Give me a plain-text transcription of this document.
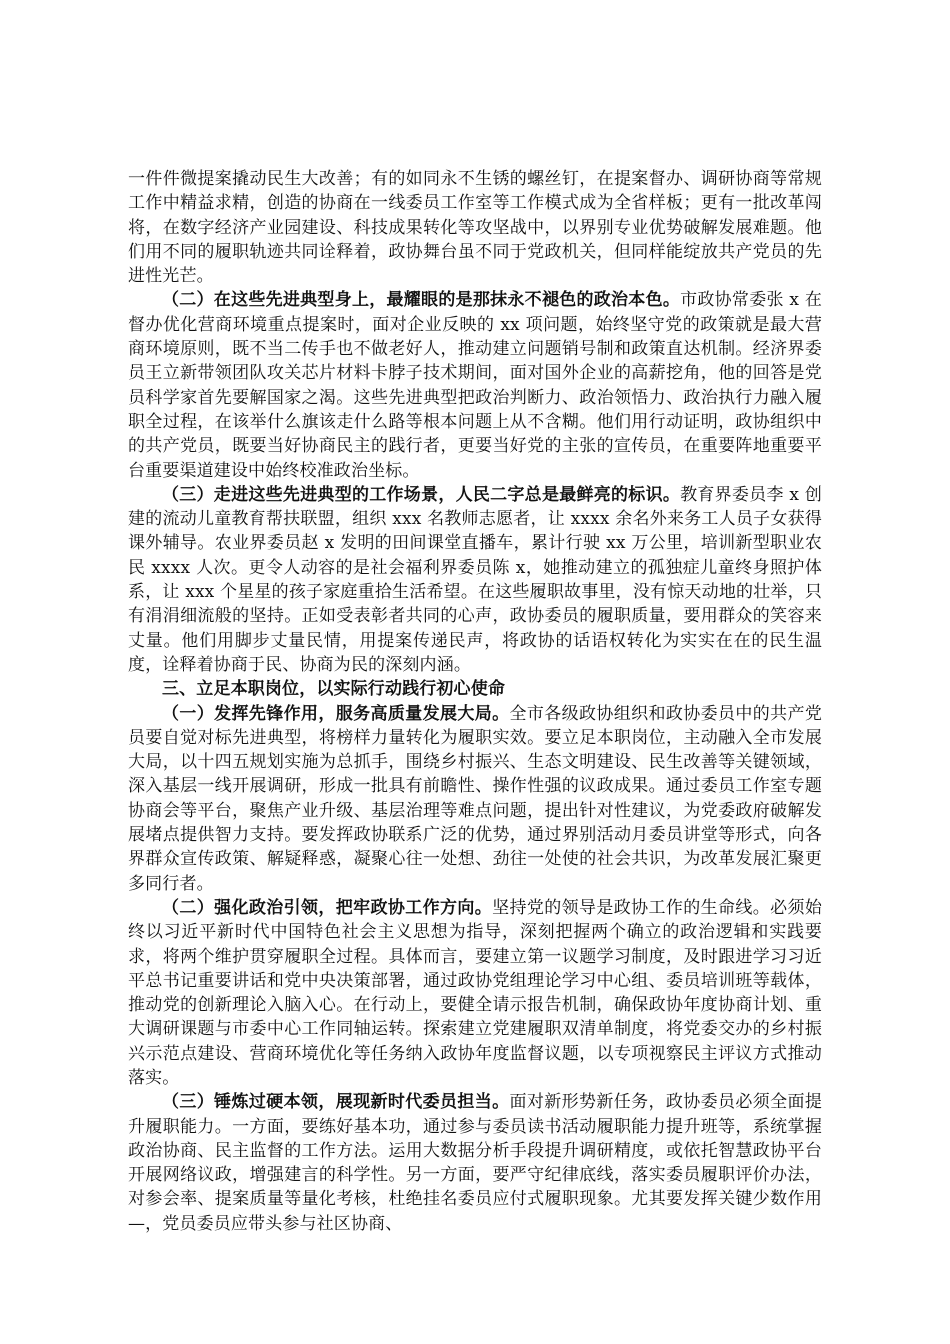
一件件微提案撬动民生大改善；有的如同永不生锈的螺丝钉，在提案督办、调研协商等常规工作中精益求精，创造的协商在一线委员工作室等工作模式成为全省样板；更有一批改革闯将，在数字经济产业园建设、科技成果转化等攻坚战中，以界别专业优势破解发展难题。他们用不同的履职轨迹共同诠释着，政协舞台虽不同于党政机关，但同样能绽放共产党员的先进性光芒。

（二）在这些先进典型身上，最耀眼的是那抹永不褪色的政治本色。市政协常委张 x 在督办优化营商环境重点提案时，面对企业反映的 xx 项问题，始终坚守党的政策就是最大营商环境原则，既不当二传手也不做老好人，推动建立问题销号制和政策直达机制。经济界委员王立新带领团队攻关芯片材料卡脖子技术期间，面对国外企业的高薪挖角，他的回答是党员科学家首先要解国家之渴。这些先进典型把政治判断力、政治领悟力、政治执行力融入履职全过程，在该举什么旗该走什么路等根本问题上从不含糊。他们用行动证明，政协组织中的共产党员，既要当好协商民主的践行者，更要当好党的主张的宣传员，在重要阵地重要平台重要渠道建设中始终校准政治坐标。

（三）走进这些先进典型的工作场景，人民二字总是最鲜亮的标识。教育界委员李 x 创建的流动儿童教育帮扶联盟，组织 xxx 名教师志愿者，让 xxxx 余名外来务工人员子女获得课外辅导。农业界委员赵 x 发明的田间课堂直播车，累计行驶 xx 万公里，培训新型职业农民 xxxx 人次。更令人动容的是社会福利界委员陈 x，她推动建立的孤独症儿童终身照护体系，让 xxx 个星星的孩子家庭重拾生活希望。在这些履职故事里，没有惊天动地的壮举，只有涓涓细流般的坚持。正如受表彰者共同的心声，政协委员的履职质量，要用群众的笑容来丈量。他们用脚步丈量民情，用提案传递民声，将政协的话语权转化为实实在在的民生温度，诠释着协商于民、协商为民的深刻内涵。

三、立足本职岗位，以实际行动践行初心使命

（一）发挥先锋作用，服务高质量发展大局。全市各级政协组织和政协委员中的共产党员要自觉对标先进典型，将榜样力量转化为履职实效。要立足本职岗位，主动融入全市发展大局，以十四五规划实施为总抓手，围绕乡村振兴、生态文明建设、民生改善等关键领域，深入基层一线开展调研，形成一批具有前瞻性、操作性强的议政成果。通过委员工作室专题协商会等平台，聚焦产业升级、基层治理等难点问题，提出针对性建议，为党委政府破解发展堵点提供智力支持。要发挥政协联系广泛的优势，通过界别活动月委员讲堂等形式，向各界群众宣传政策、解疑释惑，凝聚心往一处想、劲往一处使的社会共识，为改革发展汇聚更多同行者。

（二）强化政治引领，把牢政协工作方向。坚持党的领导是政协工作的生命线。必须始终以习近平新时代中国特色社会主义思想为指导，深刻把握两个确立的政治逻辑和实践要求，将两个维护贯穿履职全过程。具体而言，要建立第一议题学习制度，及时跟进学习习近平总书记重要讲话和党中央决策部署，通过政协党组理论学习中心组、委员培训班等载体，推动党的创新理论入脑入心。在行动上，要健全请示报告机制，确保政协年度协商计划、重大调研课题与市委中心工作同轴运转。探索建立党建履职双清单制度，将党委交办的乡村振兴示范点建设、营商环境优化等任务纳入政协年度监督议题，以专项视察民主评议方式推动落实。

（三）锤炼过硬本领，展现新时代委员担当。面对新形势新任务，政协委员必须全面提升履职能力。一方面，要练好基本功，通过参与委员读书活动履职能力提升班等，系统掌握政治协商、民主监督的工作方法。运用大数据分析手段提升调研精度，或依托智慧政协平台开展网络议政，增强建言的科学性。另一方面，要严守纪律底线，落实委员履职评价办法，对参会率、提案质量等量化考核，杜绝挂名委员应付式履职现象。尤其要发挥关键少数作用—，党员委员应带头参与社区协商、
